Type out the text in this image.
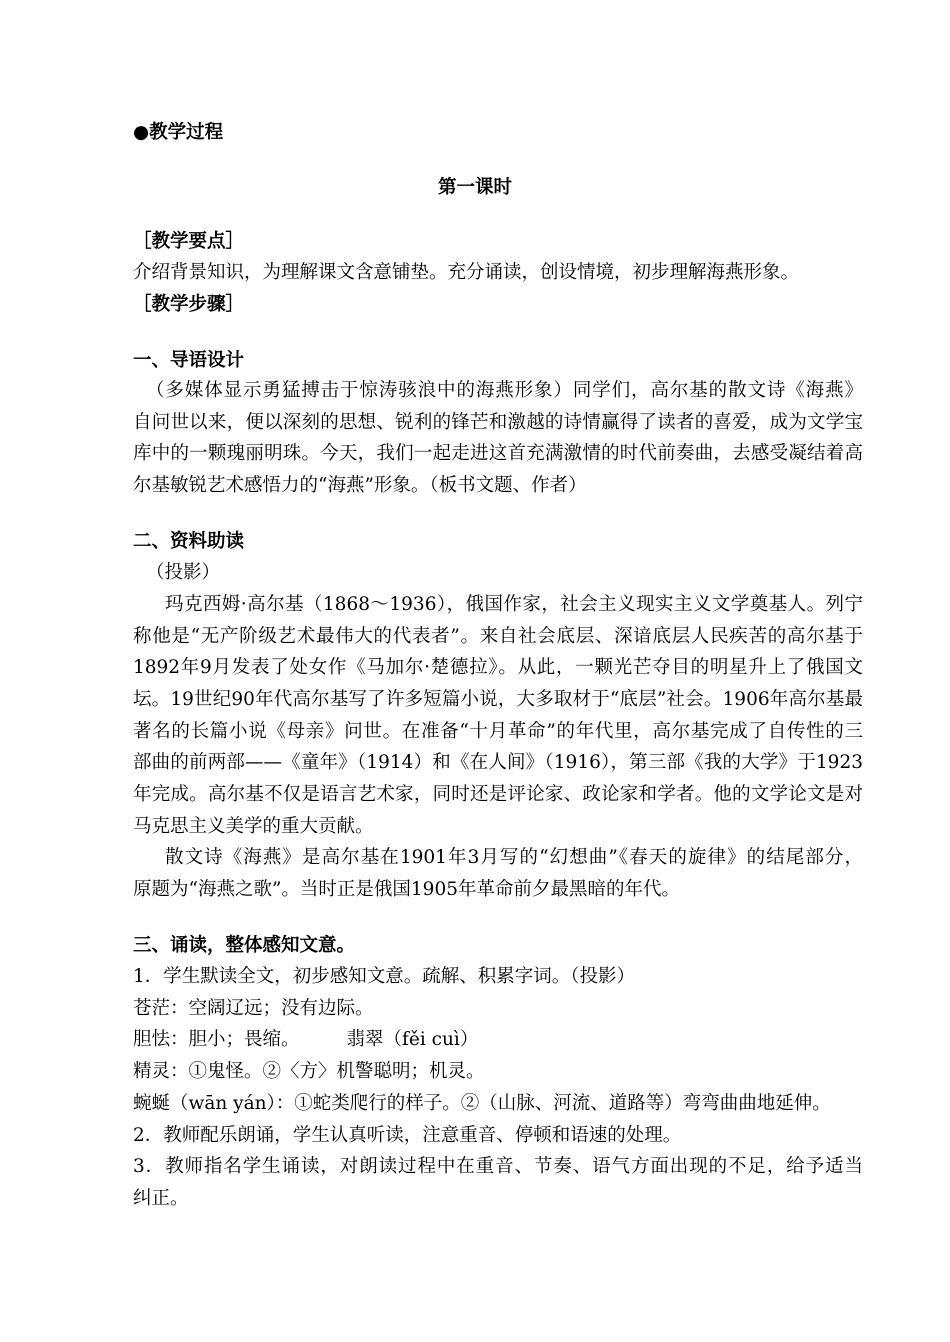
●教学过程
第一课时
［教学要点］
介绍背景知识，为理解课文含意铺垫。充分诵读，创设情境，初步理解海燕形象。
［教学步骤］
一、导语设计
（多媒体显示勇猛搏击于惊涛骇浪中的海燕形象）同学们，高尔基的散文诗《海燕》
自问世以来，便以深刻的思想、锐利的锋芒和激越的诗情赢得了读者的喜爱，成为文学宝
库中的一颗瑰丽明珠。今天，我们一起走进这首充满激情的时代前奏曲，去感受凝结着高
尔基敏锐艺术感悟力的“海燕”形象。（板书文题、作者）
二、资料助读
（投影）
玛克西姆·高尔基（1868～1936），俄国作家，社会主义现实主义文学奠基人。列宁
称他是“无产阶级艺术最伟大的代表者”。来自社会底层、深谙底层人民疾苦的高尔基于
1892年9月发表了处女作《马加尔·楚德拉》。从此，一颗光芒夺目的明星升上了俄国文
坛。19世纪90年代高尔基写了许多短篇小说，大多取材于“底层”社会。1906年高尔基最
著名的长篇小说《母亲》问世。在准备“十月革命”的年代里，高尔基完成了自传性的三
部曲的前两部——《童年》（1914）和《在人间》（1916），第三部《我的大学》于1923
年完成。高尔基不仅是语言艺术家，同时还是评论家、政论家和学者。他的文学论文是对
马克思主义美学的重大贡献。
散文诗《海燕》是高尔基在1901年3月写的“幻想曲”《春天的旋律》的结尾部分，
原题为“海燕之歌”。当时正是俄国1905年革命前夕最黑暗的年代。
三、诵读，整体感知文意。
1．学生默读全文，初步感知文意。疏解、积累字词。（投影）
苍茫：空阔辽远；没有边际。
胆怯：胆小；畏缩。        翡翠（fěi cuì）
精灵：①鬼怪。②〈方〉机警聪明；机灵。
蜿蜒（wān yán）：①蛇类爬行的样子。②（山脉、河流、道路等）弯弯曲曲地延伸。
2．教师配乐朗诵，学生认真听读，注意重音、停顿和语速的处理。
3．教师指名学生诵读，对朗读过程中在重音、节奏、语气方面出现的不足，给予适当
纠正。
